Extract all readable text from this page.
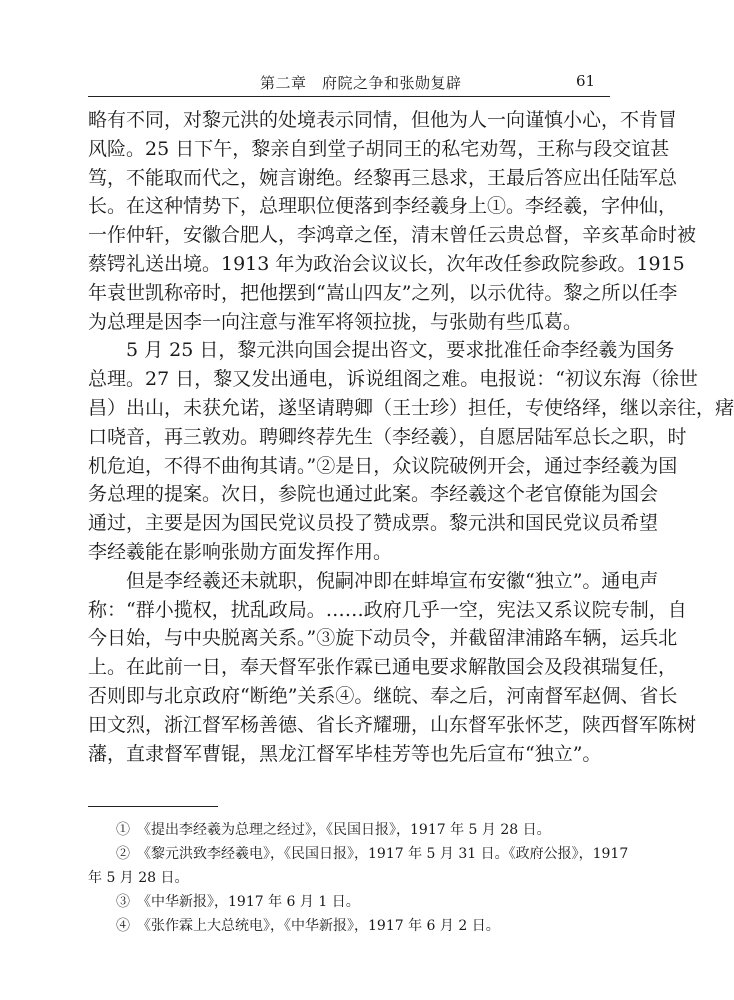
第二章　府院之争和张勋复辟	61
略有不同，对黎元洪的处境表示同情，但他为人一向谨慎小心，不肯冒
风险。25 日下午，黎亲自到堂子胡同王的私宅劝驾，王称与段交谊甚
笃，不能取而代之，婉言谢绝。经黎再三恳求，王最后答应出任陆军总
长。在这种情势下，总理职位便落到李经羲身上①。李经羲，字仲仙，
一作仲轩，安徽合肥人，李鸿章之侄，清末曾任云贵总督，辛亥革命时被
蔡锷礼送出境。1913 年为政治会议议长，次年改任参政院参政。1915
年袁世凯称帝时，把他摆到“嵩山四友”之列，以示优待。黎之所以任李
为总理是因李一向注意与淮军将领拉拢，与张勋有些瓜葛。
　　5 月 25 日，黎元洪向国会提出咨文，要求批准任命李经羲为国务
总理。27 日，黎又发出通电，诉说组阁之难。电报说：“初议东海（徐世
昌）出山，未获允诺，遂坚请聘卿（王士珍）担任，专使络绎，继以亲往，瘏
口哓音，再三敦劝。聘卿终荐先生（李经羲），自愿居陆军总长之职，时
机危迫，不得不曲徇其请。”②是日，众议院破例开会，通过李经羲为国
务总理的提案。次日，参院也通过此案。李经羲这个老官僚能为国会
通过，主要是因为国民党议员投了赞成票。黎元洪和国民党议员希望
李经羲能在影响张勋方面发挥作用。
　　但是李经羲还未就职，倪嗣冲即在蚌埠宣布安徽“独立”。通电声
称：“群小揽权，扰乱政局。……政府几乎一空，宪法又系议院专制，自
今日始，与中央脱离关系。”③旋下动员令，并截留津浦路车辆，运兵北
上。在此前一日，奉天督军张作霖已通电要求解散国会及段祺瑞复任，
否则即与北京政府“断绝”关系④。继皖、奉之后，河南督军赵倜、省长
田文烈，浙江督军杨善德、省长齐耀珊，山东督军张怀芝，陕西督军陈树
藩，直隶督军曹锟，黑龙江督军毕桂芳等也先后宣布“独立”。
　　①　《提出李经羲为总理之经过》，《民国日报》，1917 年 5 月 28 日。
　　②　《黎元洪致李经羲电》，《民国日报》，1917 年 5 月 31 日。《政府公报》，1917
年 5 月 28 日。
　　③　《中华新报》，1917 年 6 月 1 日。
　　④　《张作霖上大总统电》，《中华新报》，1917 年 6 月 2 日。
